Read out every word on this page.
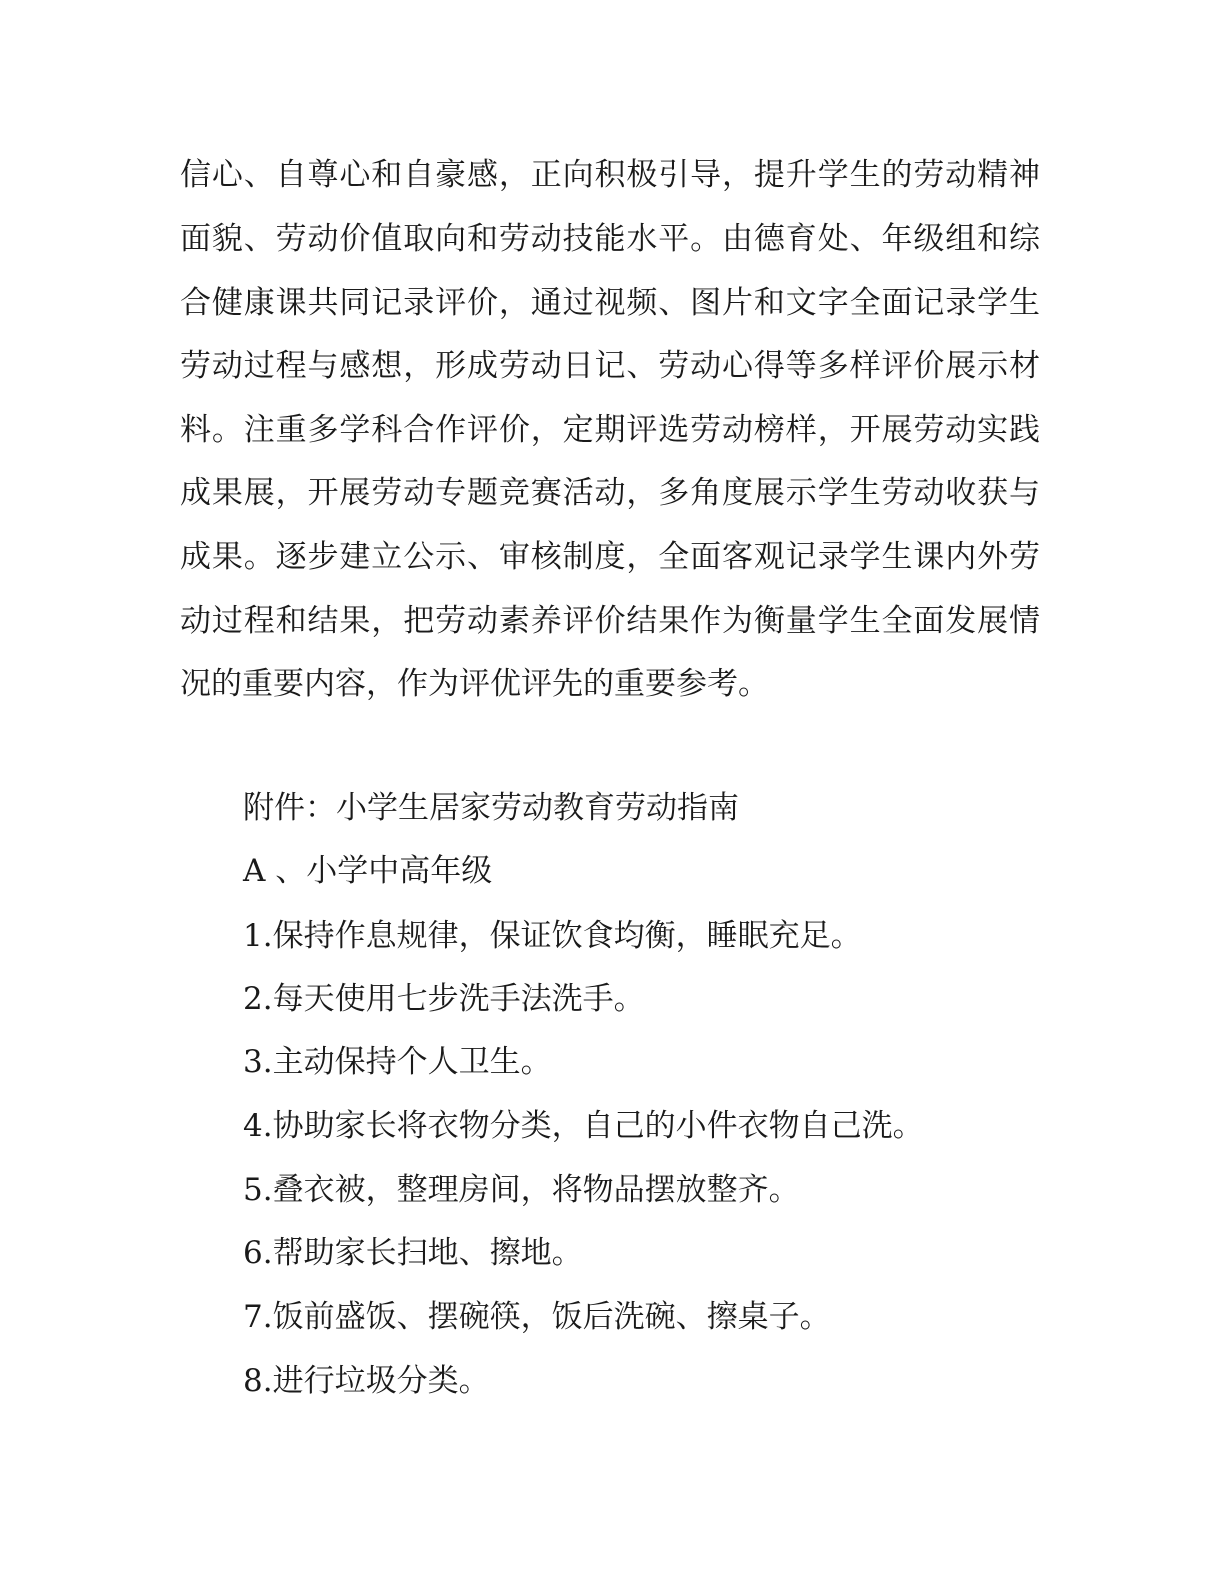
信心、自尊心和自豪感，正向积极引导，提升学生的劳动精神
面貌、劳动价值取向和劳动技能水平。由德育处、年级组和综
合健康课共同记录评价，通过视频、图片和文字全面记录学生
劳动过程与感想，形成劳动日记、劳动心得等多样评价展示材
料。注重多学科合作评价，定期评选劳动榜样，开展劳动实践
成果展，开展劳动专题竞赛活动，多角度展示学生劳动收获与
成果。逐步建立公示、审核制度，全面客观记录学生课内外劳
动过程和结果，把劳动素养评价结果作为衡量学生全面发展情
况的重要内容，作为评优评先的重要参考。
附件：小学生居家劳动教育劳动指南
A 、小学中高年级
1.保持作息规律，保证饮食均衡，睡眠充足。
2.每天使用七步洗手法洗手。
3.主动保持个人卫生。
4.协助家长将衣物分类，自己的小件衣物自己洗。
5.叠衣被，整理房间，将物品摆放整齐。
6.帮助家长扫地、擦地。
7.饭前盛饭、摆碗筷，饭后洗碗、擦桌子。
8.进行垃圾分类。
